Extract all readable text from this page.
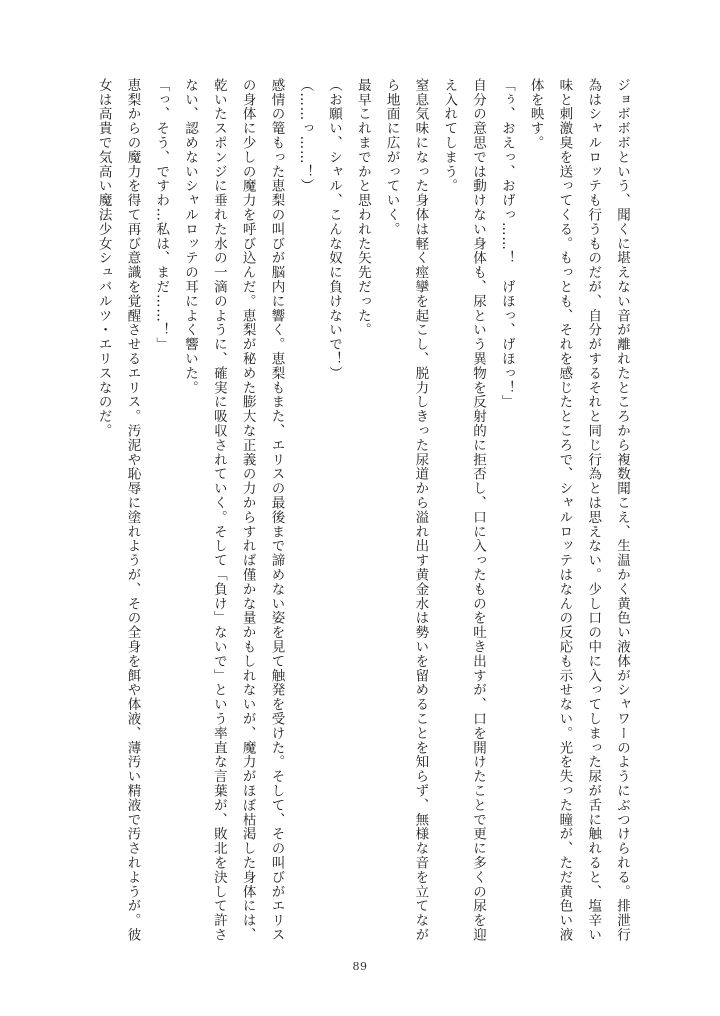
ジョボボボという、聞くに堪えない音が離れたところから複数聞こえ、生温かく黄色い液体がシャワーのようにぶつけられる。排泄行為はシャルロッテも行うものだが、自分がするそれと同じ行為とは思えない。少し口の中に入ってしまった尿が舌に触れると、塩辛い味と刺激臭を送ってくる。もっとも、それを感じたところで、シャルロッテはなんの反応も示せない。光を失った瞳が、ただ黄色い液体を映す。

「ぅ、おえっ、おげっ……！　げほっ、げほっ！」

自分の意思では動けない身体も、尿という異物を反射的に拒否し、口に入ったものを吐き出すが、口を開けたことで更に多くの尿を迎え入れてしまう。

窒息気味になった身体は軽く痙攣を起こし、脱力しきった尿道から溢れ出す黄金水は勢いを留めることを知らず、無様な音を立てながら地面に広がっていく。

最早これまでかと思われた矢先だった。

（お願い、シャル、こんな奴に負けないで！）

（……っ……！）

感情の篭もった恵梨の叫びが脳内に響く。恵梨もまた、エリスの最後まで諦めない姿を見て触発を受けた。そして、その叫びがエリスの身体に少しの魔力を呼び込んだ。恵梨が秘めた膨大な正義の力からすれば僅かな量かもしれないが、魔力がほぼ枯渇した身体には、乾いたスポンジに垂れた水の一滴のように、確実に吸収されていく。そして「負け」ないで」という率直な言葉が、敗北を決して許さない、認めないシャルロッテの耳によく響いた。

「っ、そう、ですわ…私は、まだ……！」

恵梨からの魔力を得て再び意識を覚醒させるエリス。汚泥や恥辱に塗れようが、その全身を餌や体液、薄汚い精液で汚されようが。彼女は高貴で気高い魔法少女シュバルツ・エリスなのだ。

89
